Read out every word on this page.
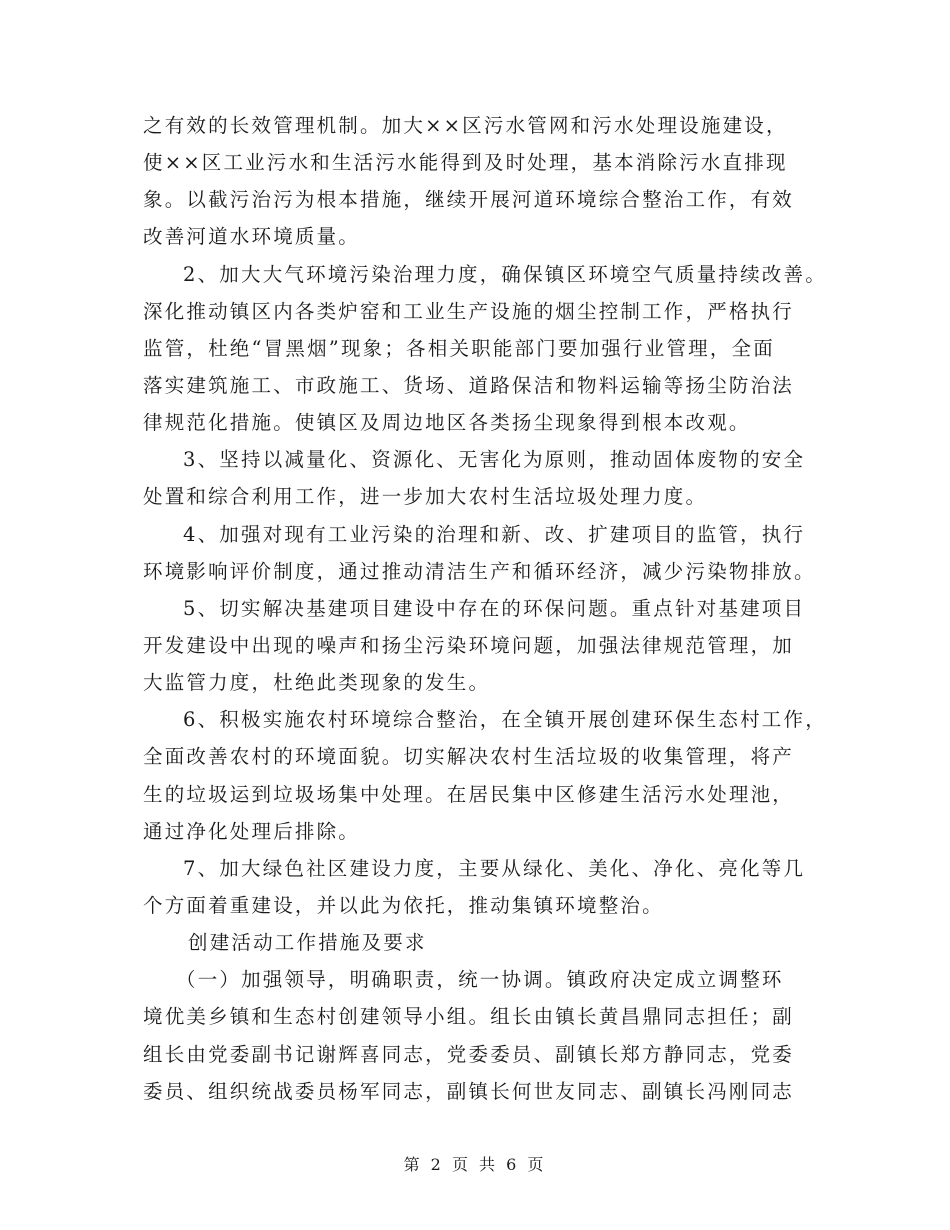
之有效的长效管理机制。加大××区污水管网和污水处理设施建设，
使××区工业污水和生活污水能得到及时处理，基本消除污水直排现
象。以截污治污为根本措施，继续开展河道环境综合整治工作，有效
改善河道水环境质量。
2、加大大气环境污染治理力度，确保镇区环境空气质量持续改善。
深化推动镇区内各类炉窑和工业生产设施的烟尘控制工作，严格执行
监管，杜绝“冒黑烟”现象；各相关职能部门要加强行业管理，全面
落实建筑施工、市政施工、货场、道路保洁和物料运输等扬尘防治法
律规范化措施。使镇区及周边地区各类扬尘现象得到根本改观。
3、坚持以减量化、资源化、无害化为原则，推动固体废物的安全
处置和综合利用工作，进一步加大农村生活垃圾处理力度。
4、加强对现有工业污染的治理和新、改、扩建项目的监管，执行
环境影响评价制度，通过推动清洁生产和循环经济，减少污染物排放。
5、切实解决基建项目建设中存在的环保问题。重点针对基建项目
开发建设中出现的噪声和扬尘污染环境问题，加强法律规范管理，加
大监管力度，杜绝此类现象的发生。
6、积极实施农村环境综合整治，在全镇开展创建环保生态村工作，
全面改善农村的环境面貌。切实解决农村生活垃圾的收集管理，将产
生的垃圾运到垃圾场集中处理。在居民集中区修建生活污水处理池，
通过净化处理后排除。
7、加大绿色社区建设力度，主要从绿化、美化、净化、亮化等几
个方面着重建设，并以此为依托，推动集镇环境整治。
创建活动工作措施及要求
（一）加强领导，明确职责，统一协调。镇政府决定成立调整环
境优美乡镇和生态村创建领导小组。组长由镇长黄昌鼎同志担任；副
组长由党委副书记谢辉喜同志，党委委员、副镇长郑方静同志，党委
委员、组织统战委员杨军同志，副镇长何世友同志、副镇长冯刚同志
第 2 页 共 6 页
